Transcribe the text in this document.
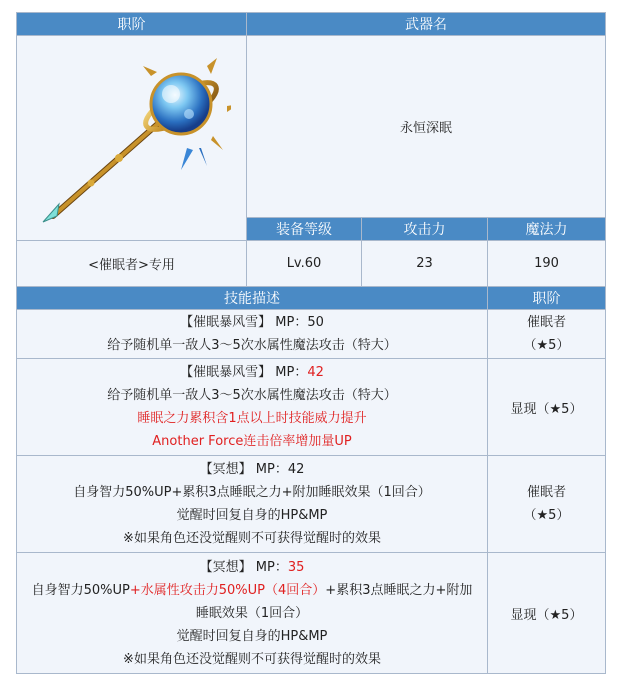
职阶	武器名		

	永恒深眠		
	装备等级	攻击力	魔法力
<催眠者>专用	Lv.60	23	190
技能描述			职阶

【催眠暴风雪】 MP：50
给予随机单一敌人3～5次水属性魔法攻击（特大）			催眠者
（★5）

【催眠暴风雪】 MP：42
给予随机单一敌人3～5次水属性魔法攻击（特大）
睡眠之力累积含1点以上时技能威力提升
Another Force连击倍率增加量UP			显现（★5）

【冥想】 MP：42
自身智力50%UP+累积3点睡眠之力+附加睡眠效果（1回合）
觉醒时回复自身的HP&MP
※如果角色还没觉醒则不可获得觉醒时的效果			催眠者
（★5）

【冥想】 MP：35
自身智力50%UP+水属性攻击力50%UP（4回合）+累积3点睡眠之力+附加
睡眠效果（1回合）
觉醒时回复自身的HP&MP
※如果角色还没觉醒则不可获得觉醒时的效果			显现（★5）
